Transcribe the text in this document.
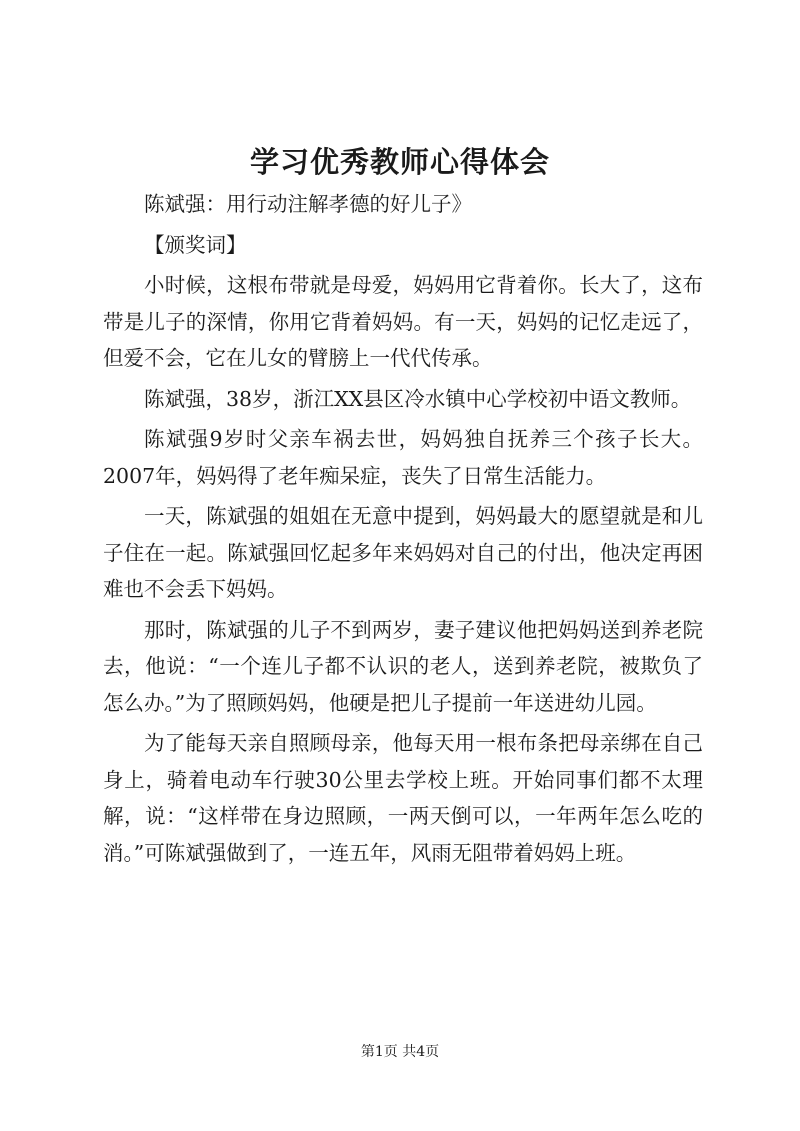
学习优秀教师心得体会

陈斌强：用行动注解孝德的好儿子》

【颁奖词】

小时候，这根布带就是母爱，妈妈用它背着你。长大了，这布带是儿子的深情，你用它背着妈妈。有一天，妈妈的记忆走远了，但爱不会，它在儿女的臂膀上一代代传承。

陈斌强，38岁，浙江XX县区冷水镇中心学校初中语文教师。

陈斌强9岁时父亲车祸去世，妈妈独自抚养三个孩子长大。2007年，妈妈得了老年痴呆症，丧失了日常生活能力。

一天，陈斌强的姐姐在无意中提到，妈妈最大的愿望就是和儿子住在一起。陈斌强回忆起多年来妈妈对自己的付出，他决定再困难也不会丢下妈妈。

那时，陈斌强的儿子不到两岁，妻子建议他把妈妈送到养老院去，他说：“一个连儿子都不认识的老人，送到养老院，被欺负了怎么办。”为了照顾妈妈，他硬是把儿子提前一年送进幼儿园。

为了能每天亲自照顾母亲，他每天用一根布条把母亲绑在自己身上，骑着电动车行驶30公里去学校上班。开始同事们都不太理解，说：“这样带在身边照顾，一两天倒可以，一年两年怎么吃的消。”可陈斌强做到了，一连五年，风雨无阻带着妈妈上班。

第1页 共4页
